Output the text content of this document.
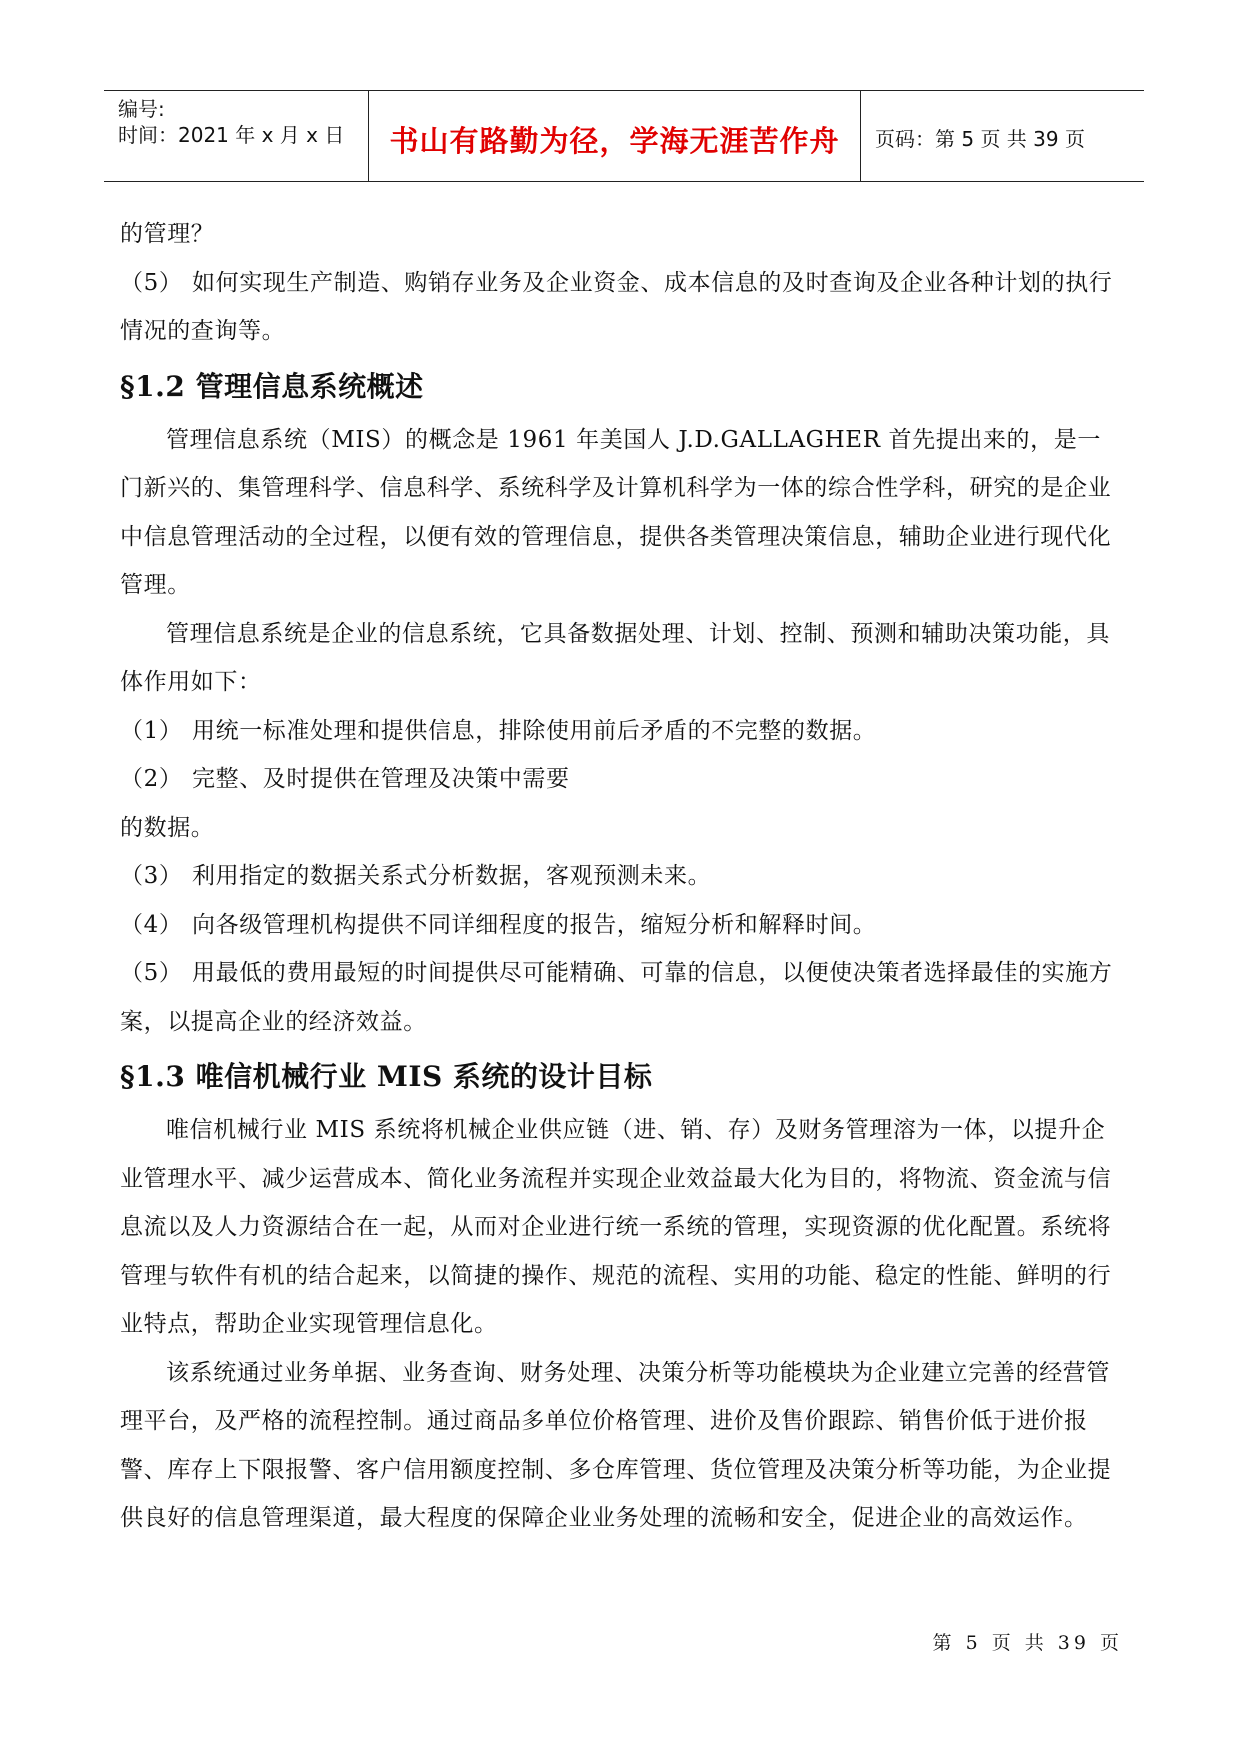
编号:
时间：2021 年 x 月 x 日	书山有路勤为径，学海无涯苦作舟	页码：第 5 页 共 39 页

的管理？

（5） 如何实现生产制造、购销存业务及企业资金、成本信息的及时查询及企业各种计划的执行情况的查询等。

§1.2 管理信息系统概述

管理信息系统（MIS）的概念是 1961 年美国人 J.D.GALLAGHER 首先提出来的，是一门新兴的、集管理科学、信息科学、系统科学及计算机科学为一体的综合性学科，研究的是企业中信息管理活动的全过程，以便有效的管理信息，提供各类管理决策信息，辅助企业进行现代化管理。

管理信息系统是企业的信息系统，它具备数据处理、计划、控制、预测和辅助决策功能，具体作用如下：

（1） 用统一标准处理和提供信息，排除使用前后矛盾的不完整的数据。

（2） 完整、及时提供在管理及决策中需要

的数据。

（3） 利用指定的数据关系式分析数据，客观预测未来。

（4） 向各级管理机构提供不同详细程度的报告，缩短分析和解释时间。

（5） 用最低的费用最短的时间提供尽可能精确、可靠的信息，以便使决策者选择最佳的实施方案，以提高企业的经济效益。

§1.3 唯信机械行业 MIS 系统的设计目标

唯信机械行业 MIS 系统将机械企业供应链（进、销、存）及财务管理溶为一体，以提升企业管理水平、减少运营成本、简化业务流程并实现企业效益最大化为目的，将物流、资金流与信息流以及人力资源结合在一起，从而对企业进行统一系统的管理，实现资源的优化配置。系统将管理与软件有机的结合起来，以简捷的操作、规范的流程、实用的功能、稳定的性能、鲜明的行业特点，帮助企业实现管理信息化。

该系统通过业务单据、业务查询、财务处理、决策分析等功能模块为企业建立完善的经营管理平台，及严格的流程控制。通过商品多单位价格管理、进价及售价跟踪、销售价低于进价报警、库存上下限报警、客户信用额度控制、多仓库管理、货位管理及决策分析等功能，为企业提供良好的信息管理渠道，最大程度的保障企业业务处理的流畅和安全，促进企业的高效运作。

第 5 页 共 39 页
